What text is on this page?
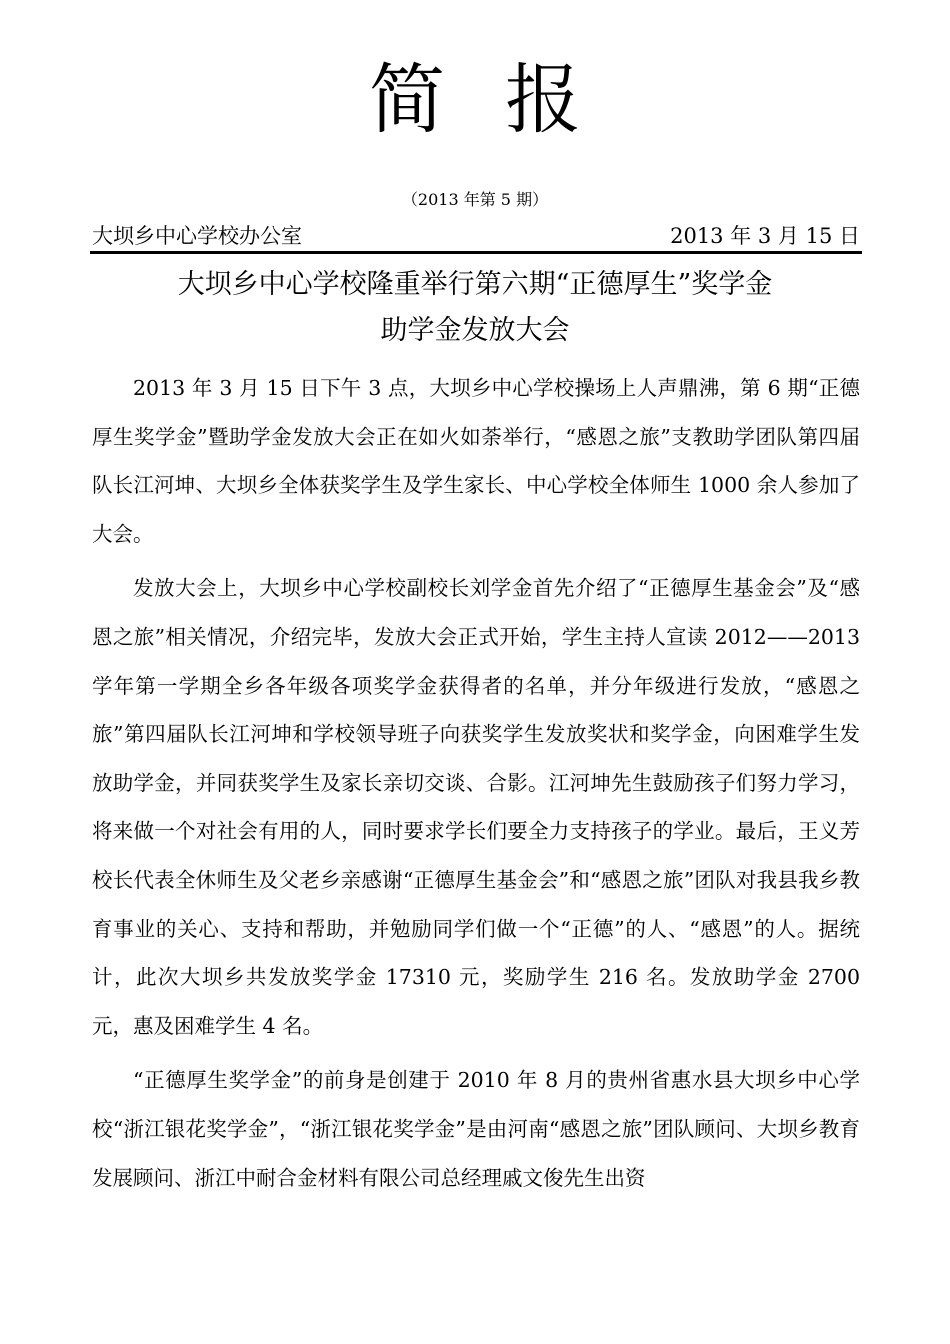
简 报
（2013 年第 5 期）
大坝乡中心学校办公室	2013 年 3 月 15 日
大坝乡中心学校隆重举行第六期“正德厚生”奖学金
助学金发放大会

2013 年 3 月 15 日下午 3 点，大坝乡中心学校操场上人声鼎沸，第 6 期“正德厚生奖学金”暨助学金发放大会正在如火如荼举行，“感恩之旅”支教助学团队第四届队长江河坤、大坝乡全体获奖学生及学生家长、中心学校全体师生 1000 余人参加了大会。

发放大会上，大坝乡中心学校副校长刘学金首先介绍了“正德厚生基金会”及“感恩之旅”相关情况，介绍完毕，发放大会正式开始，学生主持人宣读 2012——2013 学年第一学期全乡各年级各项奖学金获得者的名单，并分年级进行发放，“感恩之旅”第四届队长江河坤和学校领导班子向获奖学生发放奖状和奖学金，向困难学生发放助学金，并同获奖学生及家长亲切交谈、合影。江河坤先生鼓励孩子们努力学习，将来做一个对社会有用的人，同时要求学长们要全力支持孩子的学业。最后，王义芳校长代表全休师生及父老乡亲感谢“正德厚生基金会”和“感恩之旅”团队对我县我乡教育事业的关心、支持和帮助，并勉励同学们做一个“正德”的人、“感恩”的人。据统计，此次大坝乡共发放奖学金 17310 元，奖励学生 216 名。发放助学金 2700 元，惠及困难学生 4 名。

“正德厚生奖学金”的前身是创建于 2010 年 8 月的贵州省惠水县大坝乡中心学校“浙江银花奖学金”，“浙江银花奖学金”是由河南“感恩之旅”团队顾问、大坝乡教育发展顾问、浙江中耐合金材料有限公司总经理戚文俊先生出资
